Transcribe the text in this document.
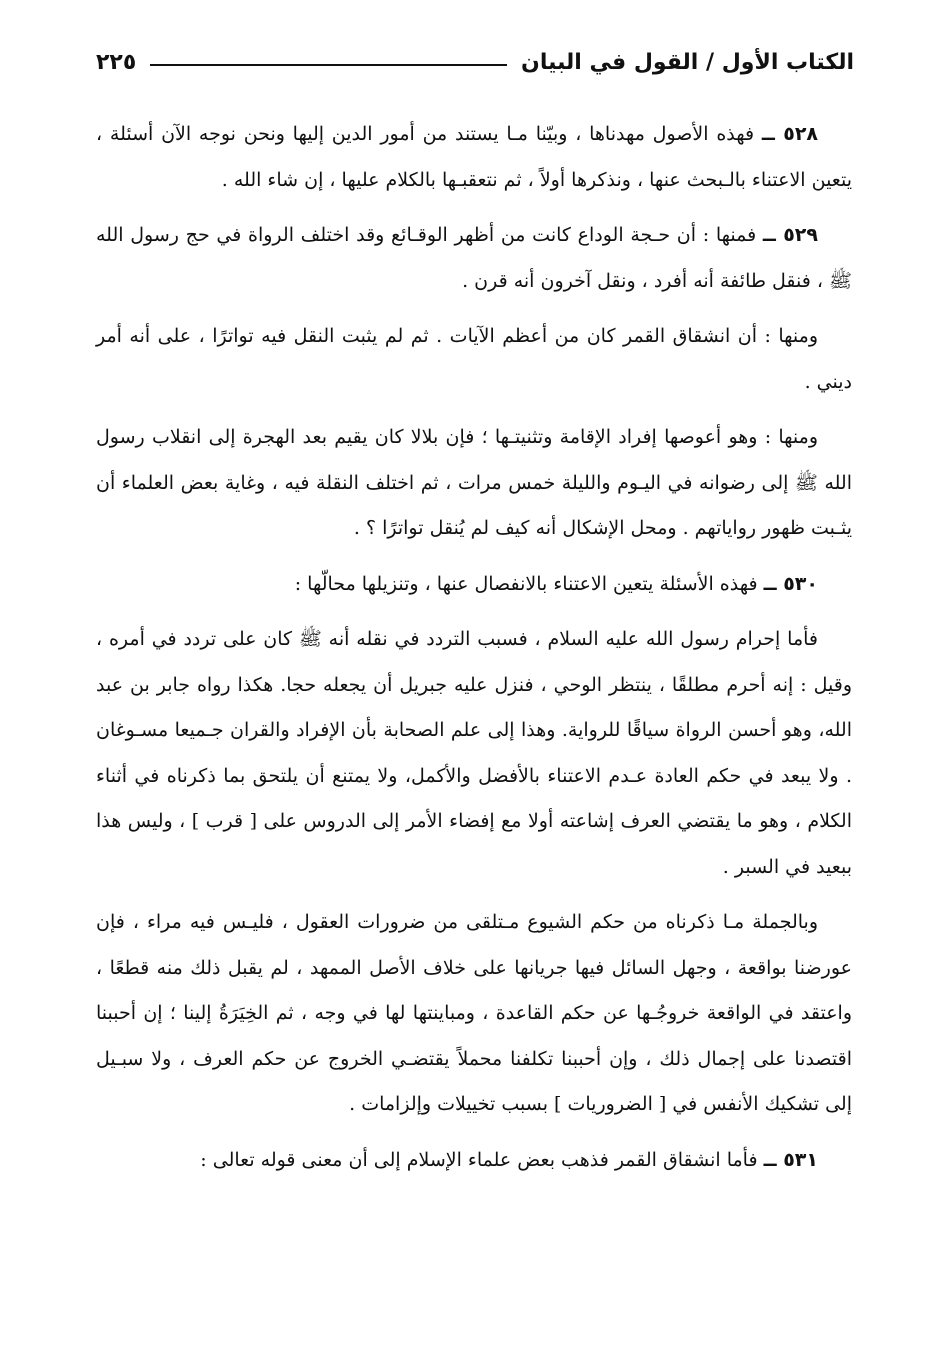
الكتاب الأول / القول في البيان
٢٢٥

٥٢٨ ــ فهذه الأصول مهدناها ، وبيّنا مـا يستند من أمور الدين إليها ونحن نوجه الآن أسئلة ، يتعين الاعتناء بالـبحث عنها ، ونذكرها أولاً ، ثم نتعقبـها بالكلام عليها ، إن شاء الله .

٥٢٩ ــ فمنها : أن حـجة الوداع كانت من أظهر الوقـائع وقد اختلف الرواة في حج رسول الله ﷺ ، فنقل طائفة أنه أفرد ، ونقل آخرون أنه قرن .

ومنها : أن انشقاق القمر كان من أعظم الآيات . ثم لم يثبت النقل فيه تواترًا ، على أنه أمر ديني .

ومنها : وهو أعوصها إفراد الإقامة وتثنيتـها ؛ فإن بلالا كان يقيم بعد الهجرة إلى انقلاب رسول الله ﷺ إلى رضوانه في اليـوم والليلة خمس مرات ، ثم اختلف النقلة فيه ، وغاية بعض العلماء أن يثـبت ظهور رواياتهم . ومحل الإشكال أنه كيف لم يُنقل تواترًا ؟ .

٥٣٠ ــ فهذه الأسئلة يتعين الاعتناء بالانفصال عنها ، وتنزيلها محالّها :

فأما إحرام رسول الله عليه السلام ، فسبب التردد في نقله أنه ﷺ كان على تردد في أمره ، وقيل : إنه أحرم مطلقًا ، ينتظر الوحي ، فنزل عليه جبريل أن يجعله حجا. هكذا رواه جابر بن عبد الله، وهو أحسن الرواة سياقًا للرواية. وهذا إلى علم الصحابة بأن الإفراد والقران جـميعا مسـوغان . ولا يبعد في حكم العادة عـدم الاعتناء بالأفضل والأكمل، ولا يمتنع أن يلتحق بما ذكرناه في أثناء الكلام ، وهو ما يقتضي العرف إشاعته أولا مع إفضاء الأمر إلى الدروس على [ قرب ] ، وليس هذا ببعيد في السبر .

وبالجملة مـا ذكرناه من حكم الشيوع مـتلقى من ضرورات العقول ، فليـس فيه مراء ، فإن عورضنا بواقعة ، وجهل السائل فيها جريانها على خلاف الأصل الممهد ، لم يقبل ذلك منه قطعًا ، واعتقد في الواقعة خروجُـها عن حكم القاعدة ، ومباينتها لها في وجه ، ثم الخِيَرَةُ إلينا ؛ إن أحببنا اقتصدنا على إجمال ذلك ، وإن أحببنا تكلفنا محملاً يقتضـي الخروج عن حكم العرف ، ولا سبـيل إلى تشكيك الأنفس في [ الضروريات ] بسبب تخييلات وإلزامات .

٥٣١ ــ فأما انشقاق القمر فذهب بعض علماء الإسلام إلى أن معنى قوله تعالى :
